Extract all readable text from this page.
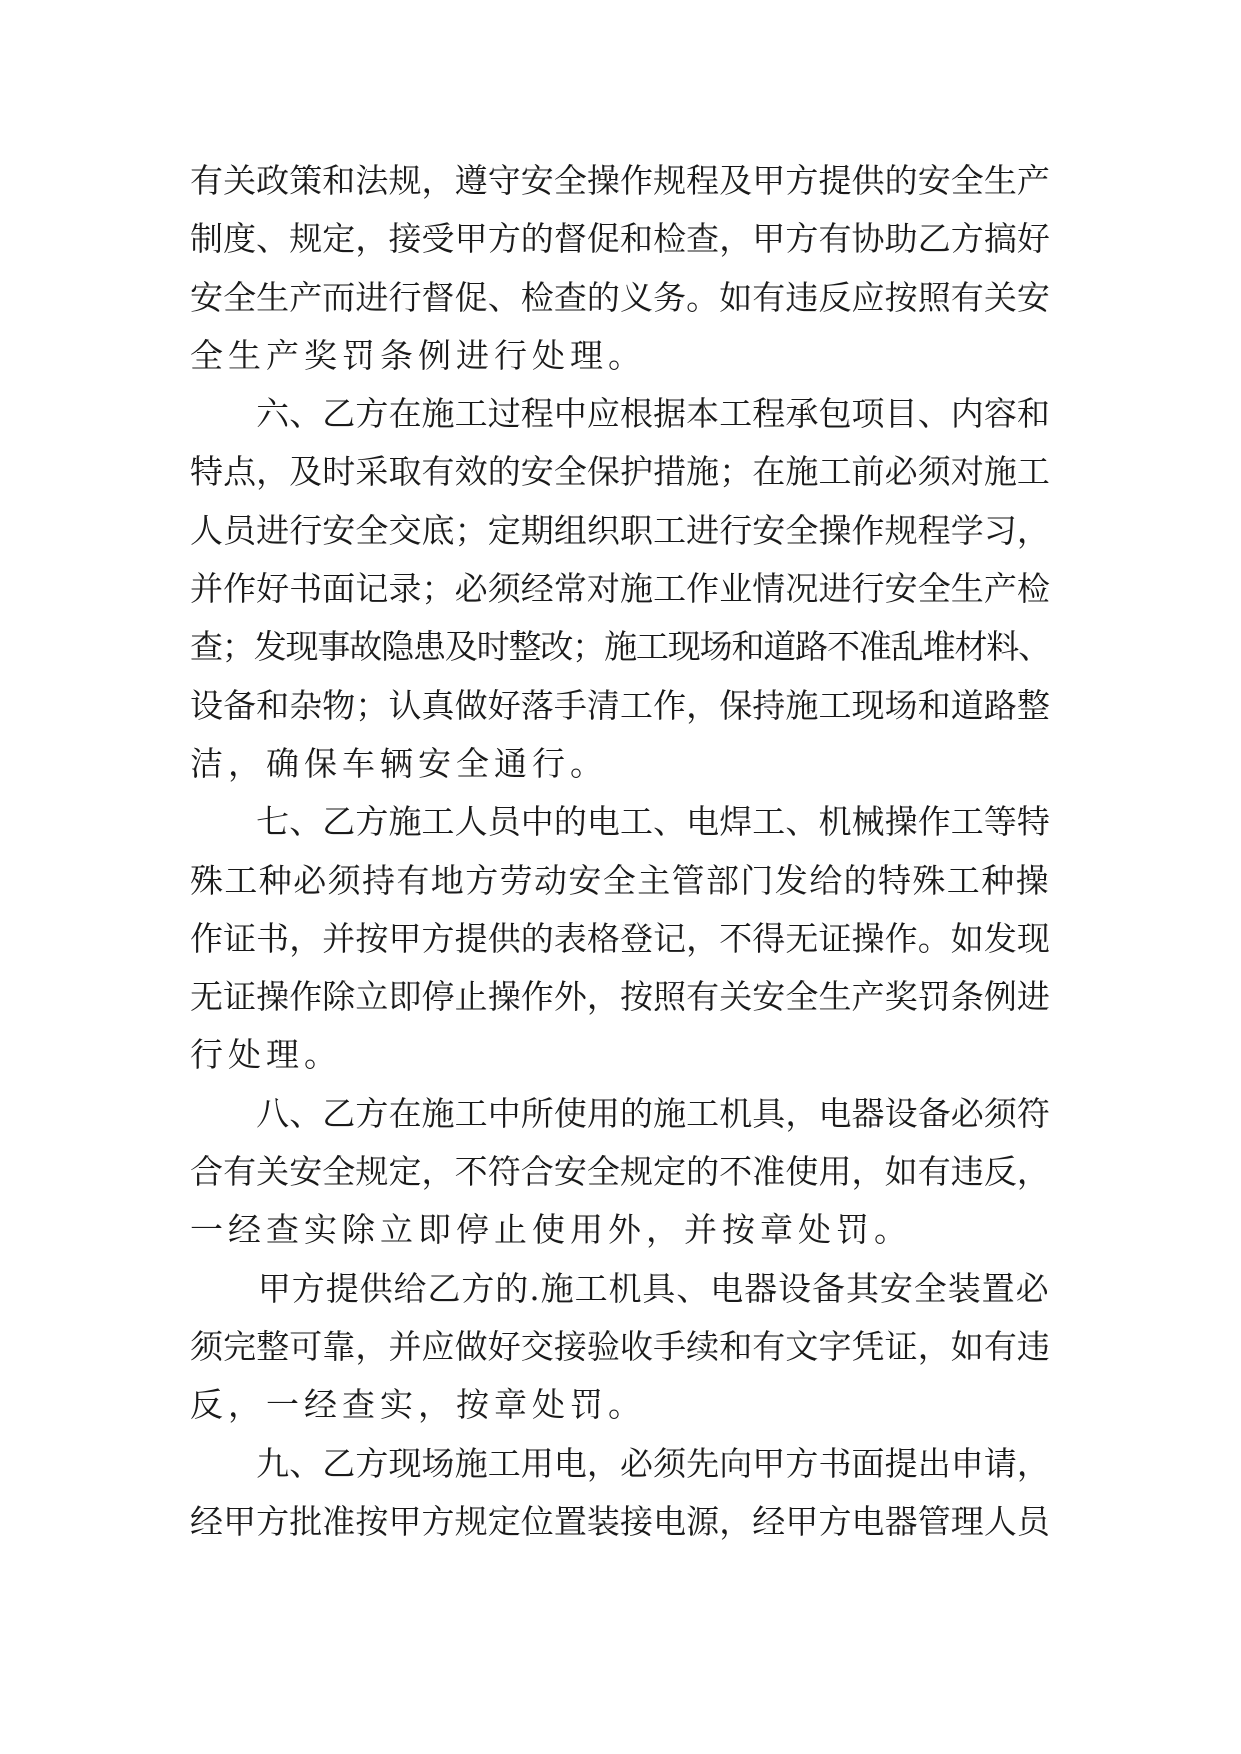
有关政策和法规，遵守安全操作规程及甲方提供的安全生产
制度、规定，接受甲方的督促和检查，甲方有协助乙方搞好
安全生产而进行督促、检查的义务。如有违反应按照有关安
全生产奖罚条例进行处理。
　　六、乙方在施工过程中应根据本工程承包项目、内容和
特点，及时采取有效的安全保护措施；在施工前必须对施工
人员进行安全交底；定期组织职工进行安全操作规程学习，
并作好书面记录；必须经常对施工作业情况进行安全生产检
查；发现事故隐患及时整改；施工现场和道路不准乱堆材料、
设备和杂物；认真做好落手清工作，保持施工现场和道路整
洁，确保车辆安全通行。
　　七、乙方施工人员中的电工、电焊工、机械操作工等特
殊工种必须持有地方劳动安全主管部门发给的特殊工种操
作证书，并按甲方提供的表格登记，不得无证操作。如发现
无证操作除立即停止操作外，按照有关安全生产奖罚条例进
行处理。
　　八、乙方在施工中所使用的施工机具，电器设备必须符
合有关安全规定，不符合安全规定的不准使用，如有违反，
一经查实除立即停止使用外，并按章处罚。
　　甲方提供给乙方的.施工机具、电器设备其安全装置必
须完整可靠，并应做好交接验收手续和有文字凭证，如有违
反，一经查实，按章处罚。
　　九、乙方现场施工用电，必须先向甲方书面提出申请，
经甲方批准按甲方规定位置装接电源，经甲方电器管理人员
